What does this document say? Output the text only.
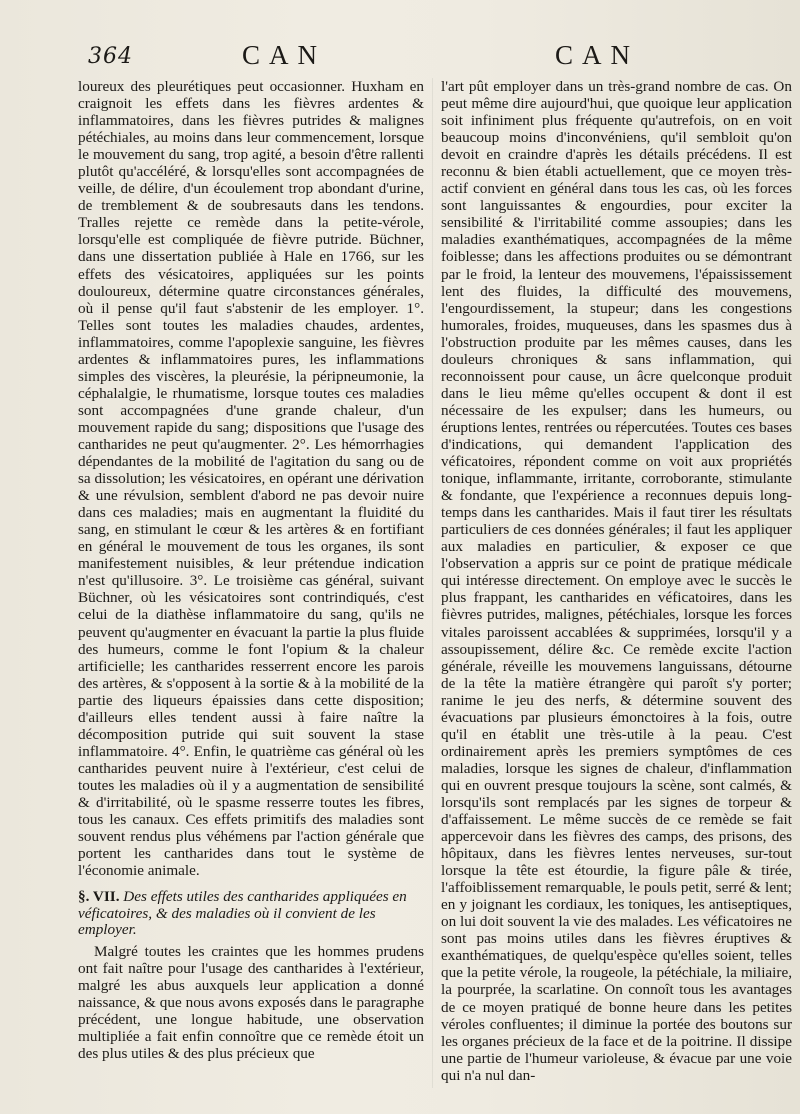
364	CAN	CAN

loureux des pleurétiques peut occasionner. Huxham en craignoit les effets dans les fièvres ardentes & inflammatoires, dans les fièvres putrides & malignes pétéchiales, au moins dans leur commencement, lorsque le mouvement du sang, trop agité, a besoin d'être rallenti plutôt qu'accéléré, & lorsqu'elles sont accompagnées de veille, de délire, d'un écoulement trop abondant d'urine, de tremblement & de soubresauts dans les tendons. Tralles rejette ce remède dans la petite-vérole, lorsqu'elle est compliquée de fièvre putride. Büchner, dans une dissertation publiée à Hale en 1766, sur les effets des vésicatoires, appliquées sur les points douloureux, détermine quatre circonstances générales, où il pense qu'il faut s'abstenir de les employer. 1°. Telles sont toutes les maladies chaudes, ardentes, inflammatoires, comme l'apoplexie sanguine, les fièvres ardentes & inflammatoires pures, les inflammations simples des viscères, la pleurésie, la péripneumonie, la céphalalgie, le rhumatisme, lorsque toutes ces maladies sont accompagnées d'une grande chaleur, d'un mouvement rapide du sang; dispositions que l'usage des cantharides ne peut qu'augmenter. 2°. Les hémorrhagies dépendantes de la mobilité de l'agitation du sang ou de sa dissolution; les vésicatoires, en opérant une dérivation & une révulsion, semblent d'abord ne pas devoir nuire dans ces maladies; mais en augmentant la fluidité du sang, en stimulant le cœur & les artères & en fortifiant en général le mouvement de tous les organes, ils sont manifestement nuisibles, & leur prétendue indication n'est qu'illusoire. 3°. Le troisième cas général, suivant Büchner, où les vésicatoires sont contrindiqués, c'est celui de la diathèse inflammatoire du sang, qu'ils ne peuvent qu'augmenter en évacuant la partie la plus fluide des humeurs, comme le font l'opium & la chaleur artificielle; les cantharides resserrent encore les parois des artères, & s'opposent à la sortie & à la mobilité de la partie des liqueurs épaissies dans cette disposition; d'ailleurs elles tendent aussi à faire naître la décomposition putride qui suit souvent la stase inflammatoire. 4°. Enfin, le quatrième cas général où les cantharides peuvent nuire à l'extérieur, c'est celui de toutes les maladies où il y a augmentation de sensibilité & d'irritabilité, où le spasme resserre toutes les fibres, tous les canaux. Ces effets primitifs des maladies sont souvent rendus plus véhémens par l'action générale que portent les cantharides dans tout le système de l'économie animale.

§. VII. Des effets utiles des cantharides appliquées en véficatoires, & des maladies où il convient de les employer.

Malgré toutes les craintes que les hommes prudens ont fait naître pour l'usage des cantharides à l'extérieur, malgré les abus auxquels leur application a donné naissance, & que nous avons exposés dans le paragraphe précédent, une longue habitude, une observation multipliée a fait enfin connoître que ce remède étoit un des plus utiles & des plus précieux que

l'art pût employer dans un très-grand nombre de cas. On peut même dire aujourd'hui, que quoique leur application soit infiniment plus fréquente qu'autrefois, on en voit beaucoup moins d'inconvéniens, qu'il sembloit qu'on devoit en craindre d'après les détails précédens. Il est reconnu & bien établi actuellement, que ce moyen très-actif convient en général dans tous les cas, où les forces sont languissantes & engourdies, pour exciter la sensibilité & l'irritabilité comme assoupies; dans les maladies exanthématiques, accompagnées de la même foiblesse; dans les affections produites ou se démontrant par le froid, la lenteur des mouvemens, l'épaississement lent des fluides, la difficulté des mouvemens, l'engourdissement, la stupeur; dans les congestions humorales, froides, muqueuses, dans les spasmes dus à l'obstruction produite par les mêmes causes, dans les douleurs chroniques & sans inflammation, qui reconnoissent pour cause, un âcre quelconque produit dans le lieu même qu'elles occupent & dont il est nécessaire de les expulser; dans les humeurs, ou éruptions lentes, rentrées ou répercutées. Toutes ces bases d'indications, qui demandent l'application des véficatoires, répondent comme on voit aux propriétés tonique, inflammante, irritante, corroborante, stimulante & fondante, que l'expérience a reconnues depuis long-temps dans les cantharides. Mais il faut tirer les résultats particuliers de ces données générales; il faut les appliquer aux maladies en particulier, & exposer ce que l'observation a appris sur ce point de pratique médicale qui intéresse directement. On employe avec le succès le plus frappant, les cantharides en véficatoires, dans les fièvres putrides, malignes, pétéchiales, lorsque les forces vitales paroissent accablées & supprimées, lorsqu'il y a assoupissement, délire &c. Ce remède excite l'action générale, réveille les mouvemens languissans, détourne de la tête la matière étrangère qui paroît s'y porter; ranime le jeu des nerfs, & détermine souvent des évacuations par plusieurs émonctoires à la fois, outre qu'il en établit une très-utile à la peau. C'est ordinairement après les premiers symptômes de ces maladies, lorsque les signes de chaleur, d'inflammation qui en ouvrent presque toujours la scène, sont calmés, & lorsqu'ils sont remplacés par les signes de torpeur & d'affaissement. Le même succès de ce remède se fait appercevoir dans les fièvres des camps, des prisons, des hôpitaux, dans les fièvres lentes nerveuses, sur-tout lorsque la tête est étourdie, la figure pâle & tirée, l'affoiblissement remarquable, le pouls petit, serré & lent; en y joignant les cordiaux, les toniques, les antiseptiques, on lui doit souvent la vie des malades. Les véficatoires ne sont pas moins utiles dans les fièvres éruptives & exanthématiques, de quelqu'espèce qu'elles soient, telles que la petite vérole, la rougeole, la pétéchiale, la miliaire, la pourprée, la scarlatine. On connoît tous les avantages de ce moyen pratiqué de bonne heure dans les petites véroles confluentes; il diminue la portée des boutons sur les organes précieux de la face et de la poitrine. Il dissipe une partie de l'humeur varioleuse, & évacue par une voie qui n'a nul dan-
